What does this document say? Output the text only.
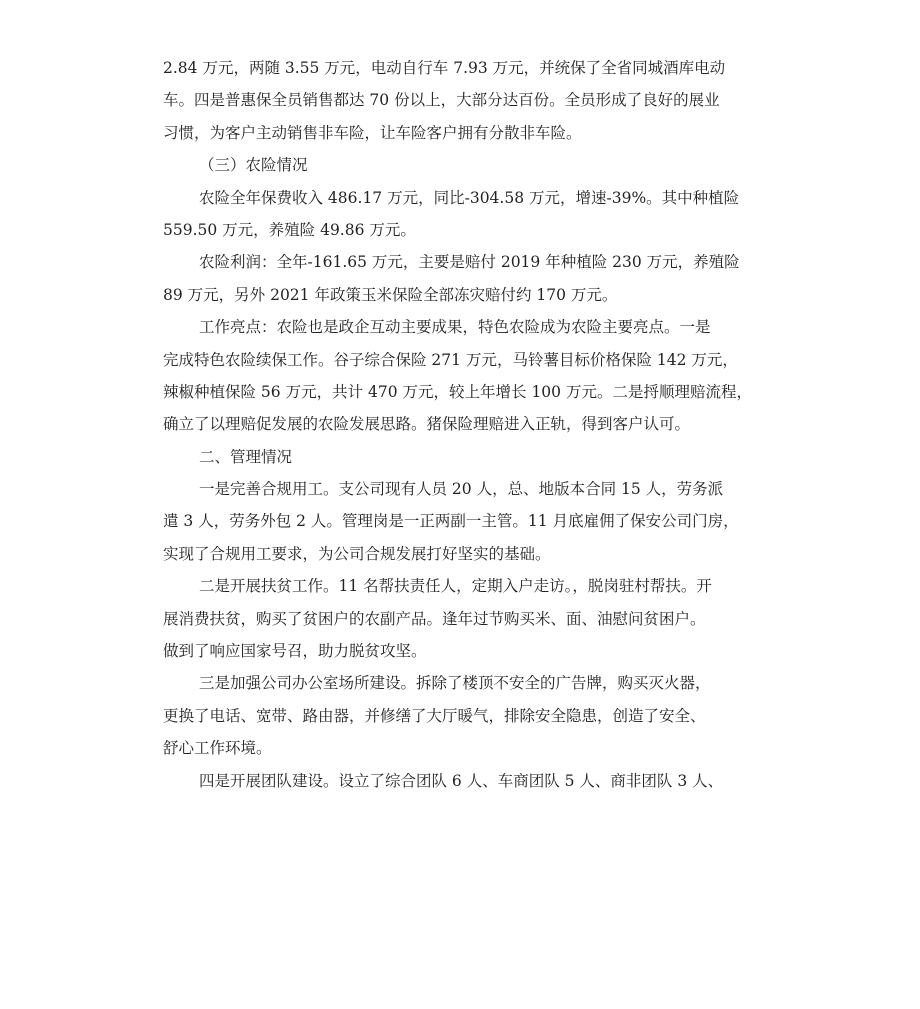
2.84 万元，两随 3.55 万元，电动自行车 7.93 万元，并统保了全省同城酒库电动
车。四是普惠保全员销售都达 70 份以上，大部分达百份。全员形成了良好的展业
习惯，为客户主动销售非车险，让车险客户拥有分散非车险。
（三）农险情况
农险全年保费收入 486.17 万元，同比-304.58 万元，增速-39%。其中种植险
559.50 万元，养殖险 49.86 万元。
农险利润：全年-161.65 万元，主要是赔付 2019 年种植险 230 万元，养殖险
89 万元，另外 2021 年政策玉米保险全部冻灾赔付约 170 万元。
工作亮点：农险也是政企互动主要成果，特色农险成为农险主要亮点。一是
完成特色农险续保工作。谷子综合保险 271 万元，马铃薯目标价格保险 142 万元，
辣椒种植保险 56 万元，共计 470 万元，较上年增长 100 万元。二是捋顺理赔流程，
确立了以理赔促发展的农险发展思路。猪保险理赔进入正轨，得到客户认可。
二、管理情况
一是完善合规用工。支公司现有人员 20 人，总、地版本合同 15 人，劳务派
遣 3 人，劳务外包 2 人。管理岗是一正两副一主管。11 月底雇佣了保安公司门房，
实现了合规用工要求，为公司合规发展打好坚实的基础。
二是开展扶贫工作。11 名帮扶责任人，定期入户走访。，脱岗驻村帮扶。开
展消费扶贫，购买了贫困户的农副产品。逢年过节购买米、面、油慰问贫困户。
做到了响应国家号召，助力脱贫攻坚。
三是加强公司办公室场所建设。拆除了楼顶不安全的广告牌，购买灭火器，
更换了电话、宽带、路由器，并修缮了大厅暖气，排除安全隐患，创造了安全、
舒心工作环境。
四是开展团队建设。设立了综合团队 6 人、车商团队 5 人、商非团队 3 人、
